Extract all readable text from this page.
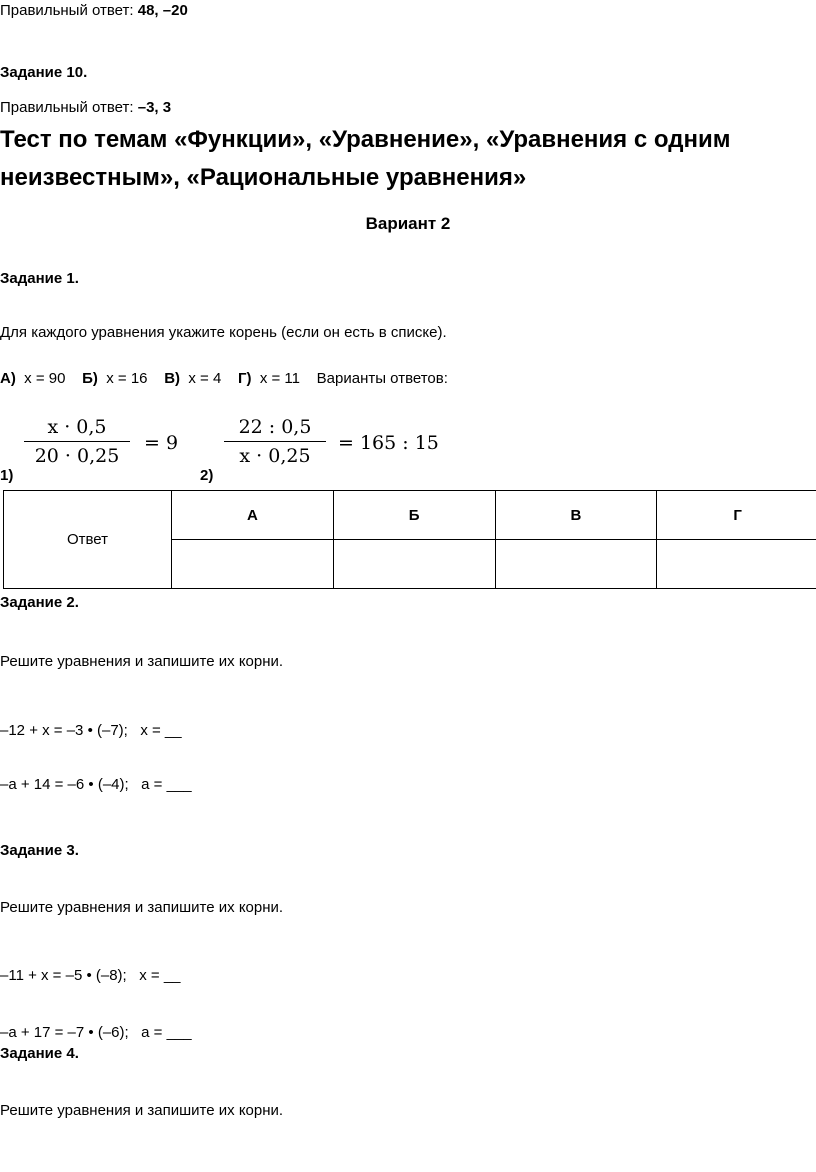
Правильный ответ: 48, –20
Задание 10.
Правильный ответ: –3, 3
Тест по темам «Функции», «Уравнение», «Уравнения с одним
неизвестным», «Рациональные уравнения»
Вариант 2
Задание 1.
Для каждого уравнения укажите корень (если он есть в списке).
А) x = 90 Б) x = 16 В) x = 4 Г) x = 11 Варианты ответов:
$\frac{x \cdot 0,5}{20 \cdot 0,25} = 9$
1)
$\frac{22 : 0,5}{x \cdot 0,25} = 165$ : 15
2)
Ответ	А	Б	В	Г

Задание 2.
Решите уравнения и запишите их корни.
–12 + x = –3 • (–7);   x = __
–a + 14 = –6 • (–4);   a = ___
Задание 3.
Решите уравнения и запишите их корни.
–11 + x = –5 • (–8);   x = __
–a + 17 = –7 • (–6);   a = ___
Задание 4.
Решите уравнения и запишите их корни.
